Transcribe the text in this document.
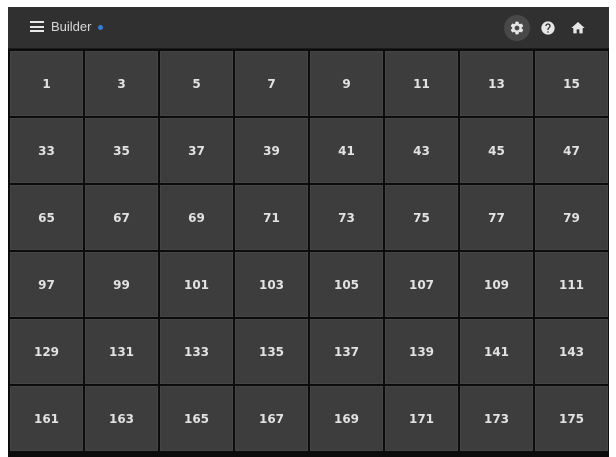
Builder
1	3	5	7	9	11	13	15
33	35	37	39	41	43	45	47
65	67	69	71	73	75	77	79
97	99	101	103	105	107	109	111
129	131	133	135	137	139	141	143
161	163	165	167	169	171	173	175
